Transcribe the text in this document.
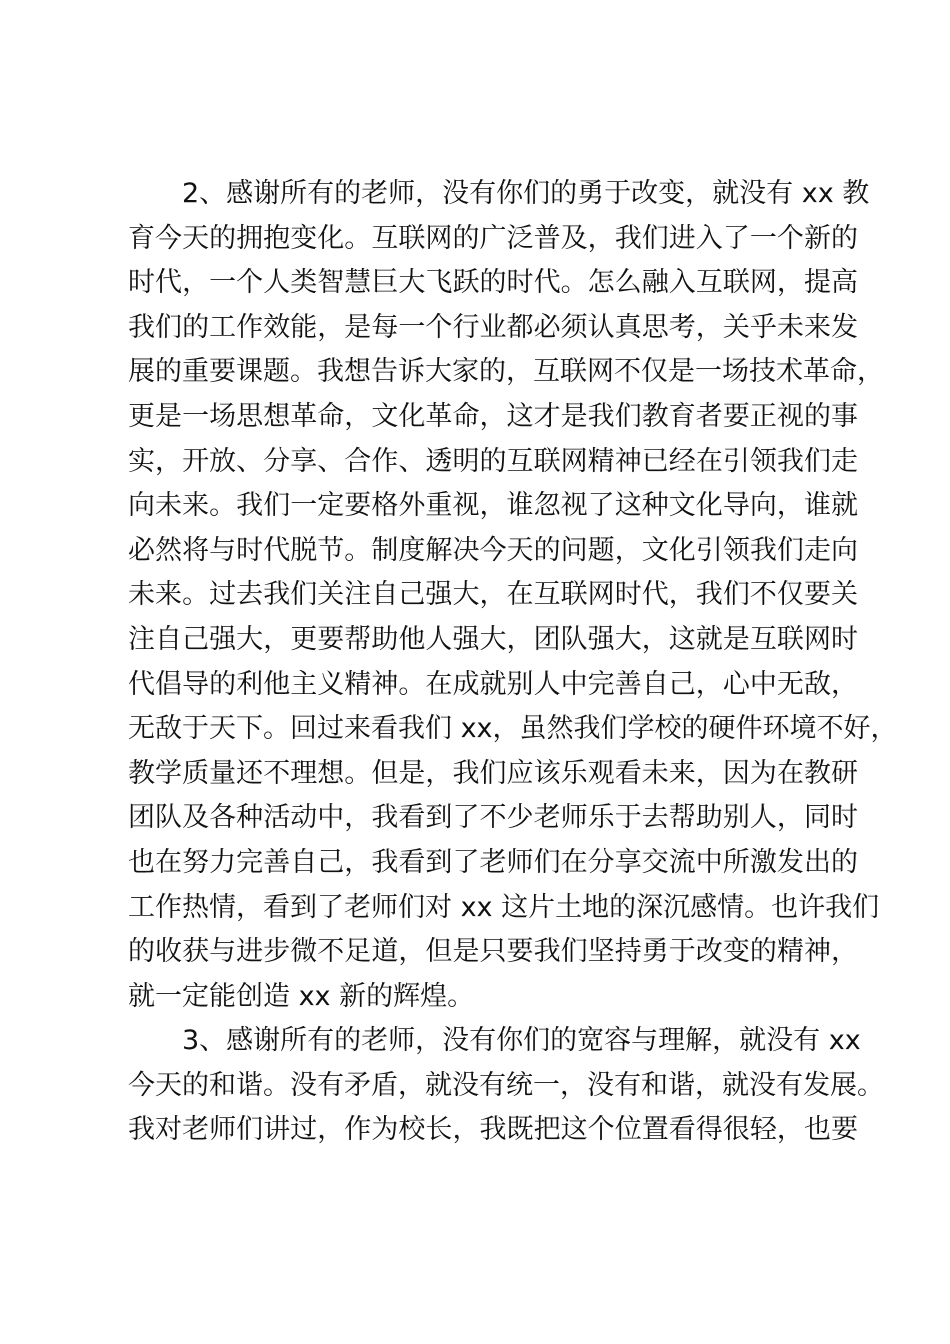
2、感谢所有的老师，没有你们的勇于改变，就没有 xx 教
育今天的拥抱变化。互联网的广泛普及，我们进入了一个新的
时代，一个人类智慧巨大飞跃的时代。怎么融入互联网，提高
我们的工作效能，是每一个行业都必须认真思考，关乎未来发
展的重要课题。我想告诉大家的，互联网不仅是一场技术革命，
更是一场思想革命，文化革命，这才是我们教育者要正视的事
实，开放、分享、合作、透明的互联网精神已经在引领我们走
向未来。我们一定要格外重视，谁忽视了这种文化导向，谁就
必然将与时代脱节。制度解决今天的问题，文化引领我们走向
未来。过去我们关注自己强大，在互联网时代，我们不仅要关
注自己强大，更要帮助他人强大，团队强大，这就是互联网时
代倡导的利他主义精神。在成就别人中完善自己，心中无敌，
无敌于天下。回过来看我们 xx，虽然我们学校的硬件环境不好，
教学质量还不理想。但是，我们应该乐观看未来，因为在教研
团队及各种活动中，我看到了不少老师乐于去帮助别人，同时
也在努力完善自己，我看到了老师们在分享交流中所激发出的
工作热情，看到了老师们对 xx 这片土地的深沉感情。也许我们
的收获与进步微不足道，但是只要我们坚持勇于改变的精神，
就一定能创造 xx 新的辉煌。
3、感谢所有的老师，没有你们的宽容与理解，就没有 xx
今天的和谐。没有矛盾，就没有统一，没有和谐，就没有发展。
我对老师们讲过，作为校长，我既把这个位置看得很轻，也要
